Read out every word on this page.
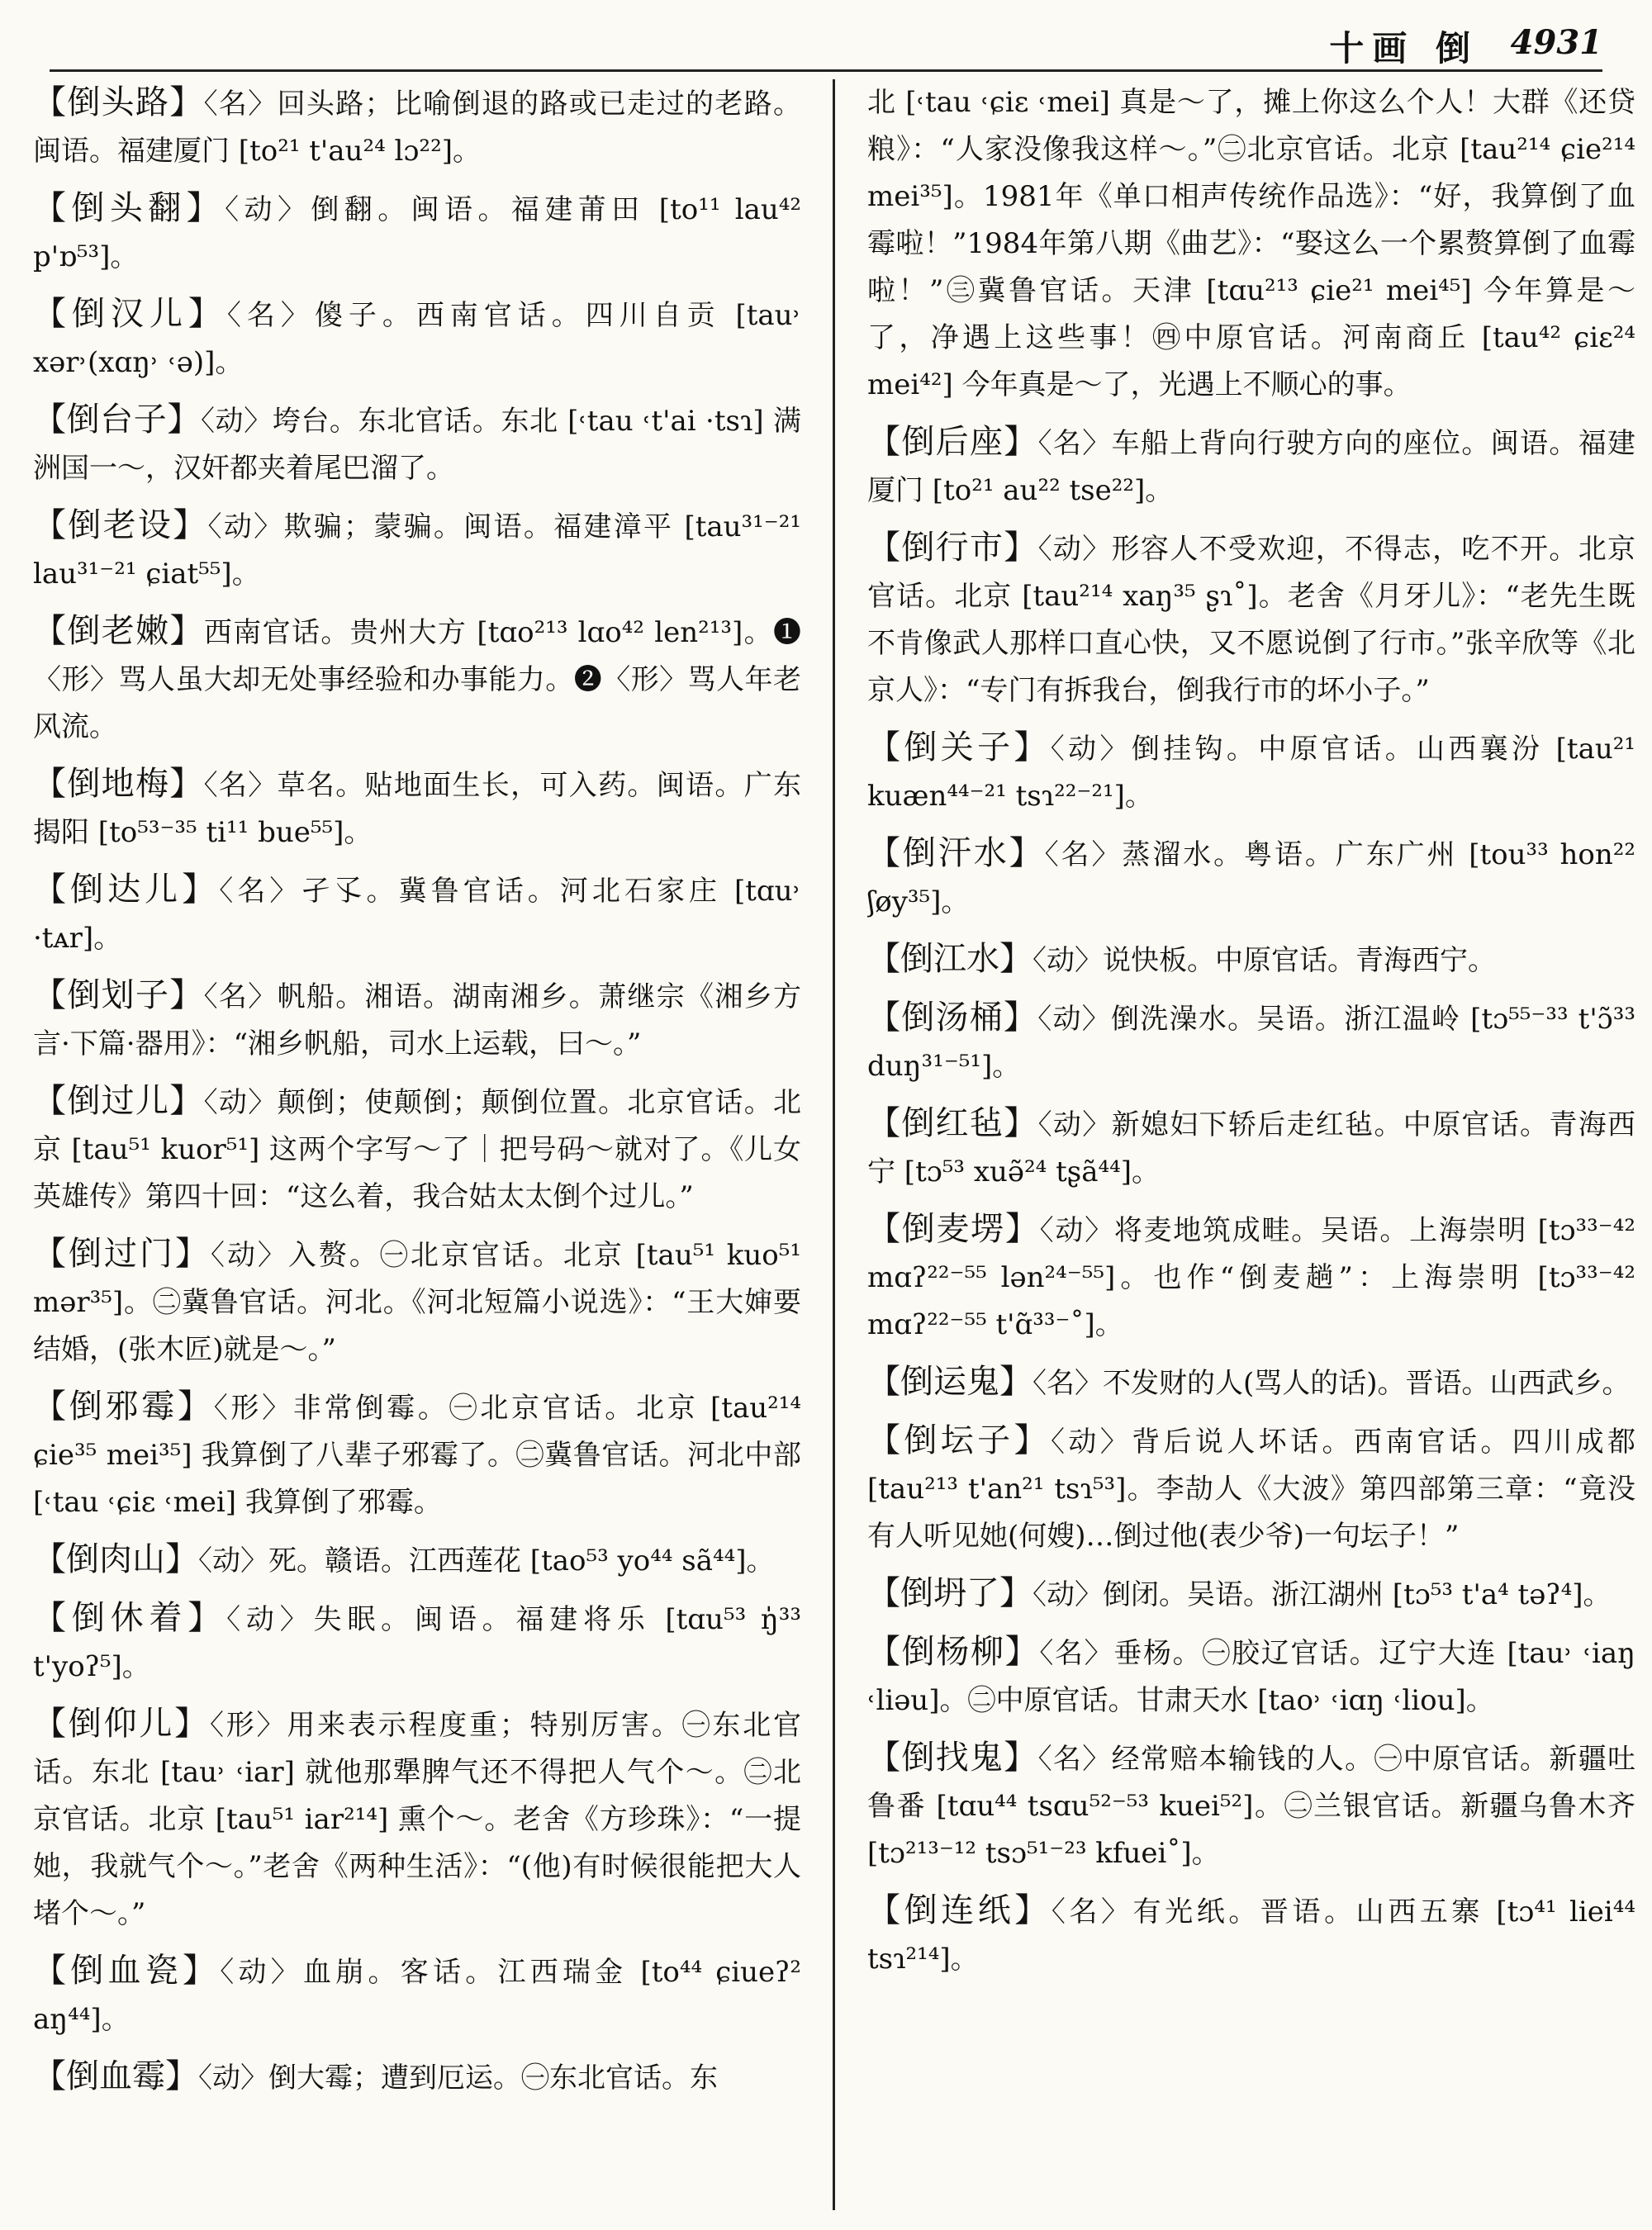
十画 倒 4931

【倒头路】〈名〉回头路；比喻倒退的路或已走过的老路。闽语。福建厦门 [to²¹ t'au²⁴ lɔ²²]。

【倒头翻】〈动〉倒翻。闽语。福建莆田 [to¹¹ lau⁴² p'ɒ⁵³]。

【倒汉儿】〈名〉傻子。西南官话。四川自贡 [tau˒ xər˒(xɑŋ˒ ˓ə)]。

【倒台子】〈动〉垮台。东北官话。东北 [˓tau ˓t'ai ·tsɿ] 满洲国一～，汉奸都夹着尾巴溜了。

【倒老设】〈动〉欺骗；蒙骗。闽语。福建漳平 [tau³¹⁻²¹ lau³¹⁻²¹ ɕiat⁵⁵]。

【倒老嫩】西南官话。贵州大方 [tɑo²¹³ lɑo⁴² len²¹³]。❶〈形〉骂人虽大却无处事经验和办事能力。❷〈形〉骂人年老风流。

【倒地梅】〈名〉草名。贴地面生长，可入药。闽语。广东揭阳 [to⁵³⁻³⁵ ti¹¹ bue⁵⁵]。

【倒达儿】〈名〉孑孓。冀鲁官话。河北石家庄 [tɑu˒ ·tᴀr]。

【倒划子】〈名〉帆船。湘语。湖南湘乡。萧继宗《湘乡方言·下篇·器用》：“湘乡帆船，司水上运载，曰～。”

【倒过儿】〈动〉颠倒；使颠倒；颠倒位置。北京官话。北京 [tau⁵¹ kuor⁵¹] 这两个字写～了｜把号码～就对了。《儿女英雄传》第四十回：“这么着，我合姑太太倒个过儿。”

【倒过门】〈动〉入赘。㊀北京官话。北京 [tau⁵¹ kuo⁵¹ mər³⁵]。㊁冀鲁官话。河北。《河北短篇小说选》：“王大婶要结婚，(张木匠)就是～。”

【倒邪霉】〈形〉非常倒霉。㊀北京官话。北京 [tau²¹⁴ ɕie³⁵ mei³⁵] 我算倒了八辈子邪霉了。㊁冀鲁官话。河北中部 [˓tau ˓ɕiɛ ˓mei] 我算倒了邪霉。

【倒肉山】〈动〉死。赣语。江西莲花 [tao⁵³ yo⁴⁴ sã⁴⁴]。

【倒休着】〈动〉失眠。闽语。福建将乐 [tɑu⁵³ ŋ̍³³ t'yoʔ⁵]。

【倒仰儿】〈形〉用来表示程度重；特别厉害。㊀东北官话。东北 [tau˒ ˓iar] 就他那犟脾气还不得把人气个～。㊁北京官话。北京 [tau⁵¹ iar²¹⁴] 熏个～。老舍《方珍珠》：“一提她，我就气个～。”老舍《两种生活》：“(他)有时候很能把大人堵个～。”

【倒血瓷】〈动〉血崩。客话。江西瑞金 [to⁴⁴ ɕiueʔ² aŋ⁴⁴]。

【倒血霉】〈动〉倒大霉；遭到厄运。㊀东北官话。东

北 [˓tau ˓ɕiɛ ˓mei] 真是～了，摊上你这么个人！大群《还贷粮》：“人家没像我这样～。”㊁北京官话。北京 [tau²¹⁴ ɕie²¹⁴ mei³⁵]。1981年《单口相声传统作品选》：“好，我算倒了血霉啦！”1984年第八期《曲艺》：“娶这么一个累赘算倒了血霉啦！”㊂冀鲁官话。天津 [tɑu²¹³ ɕie²¹ mei⁴⁵] 今年算是～了，净遇上这些事！㊃中原官话。河南商丘 [tau⁴² ɕiɛ²⁴ mei⁴²] 今年真是～了，光遇上不顺心的事。

【倒后座】〈名〉车船上背向行驶方向的座位。闽语。福建厦门 [to²¹ au²² tse²²]。

【倒行市】〈动〉形容人不受欢迎，不得志，吃不开。北京官话。北京 [tau²¹⁴ xaŋ³⁵ ʂɿ˚]。老舍《月牙儿》：“老先生既不肯像武人那样口直心快，又不愿说倒了行市。”张辛欣等《北京人》：“专门有拆我台，倒我行市的坏小子。”

【倒关子】〈动〉倒挂钩。中原官话。山西襄汾 [tau²¹ kuæn⁴⁴⁻²¹ tsɿ²²⁻²¹]。

【倒汗水】〈名〉蒸溜水。粤语。广东广州 [tou³³ hon²² ʃøy³⁵]。

【倒江水】〈动〉说快板。中原官话。青海西宁。

【倒汤桶】〈动〉倒洗澡水。吴语。浙江温岭 [tɔ⁵⁵⁻³³ t'ɔ̃³³ duŋ³¹⁻⁵¹]。

【倒红毡】〈动〉新媳妇下轿后走红毡。中原官话。青海西宁 [tɔ⁵³ xuə̃²⁴ tʂã⁴⁴]。

【倒麦塄】〈动〉将麦地筑成畦。吴语。上海崇明 [tɔ³³⁻⁴² mɑʔ²²⁻⁵⁵ lən²⁴⁻⁵⁵]。也作“倒麦趟”：上海崇明 [tɔ³³⁻⁴² mɑʔ²²⁻⁵⁵ t'ɑ̃³³⁻˚]。

【倒运鬼】〈名〉不发财的人(骂人的话)。晋语。山西武乡。

【倒坛子】〈动〉背后说人坏话。西南官话。四川成都 [tau²¹³ t'an²¹ tsɿ⁵³]。李劼人《大波》第四部第三章：“竟没有人听见她(何嫂)…倒过他(表少爷)一句坛子！”

【倒坍了】〈动〉倒闭。吴语。浙江湖州 [tɔ⁵³ t'a⁴ təʔ⁴]。

【倒杨柳】〈名〉垂杨。㊀胶辽官话。辽宁大连 [tau˒ ˓iaŋ ˓liəu]。㊁中原官话。甘肃天水 [tao˒ ˓iɑŋ ˓liou]。

【倒找鬼】〈名〉经常赔本输钱的人。㊀中原官话。新疆吐鲁番 [tɑu⁴⁴ tsɑu⁵²⁻⁵³ kuei⁵²]。㊁兰银官话。新疆乌鲁木齐 [tɔ²¹³⁻¹² tsɔ⁵¹⁻²³ kfuei˚]。

【倒连纸】〈名〉有光纸。晋语。山西五寨 [tɔ⁴¹ liei⁴⁴ tsɿ²¹⁴]。
